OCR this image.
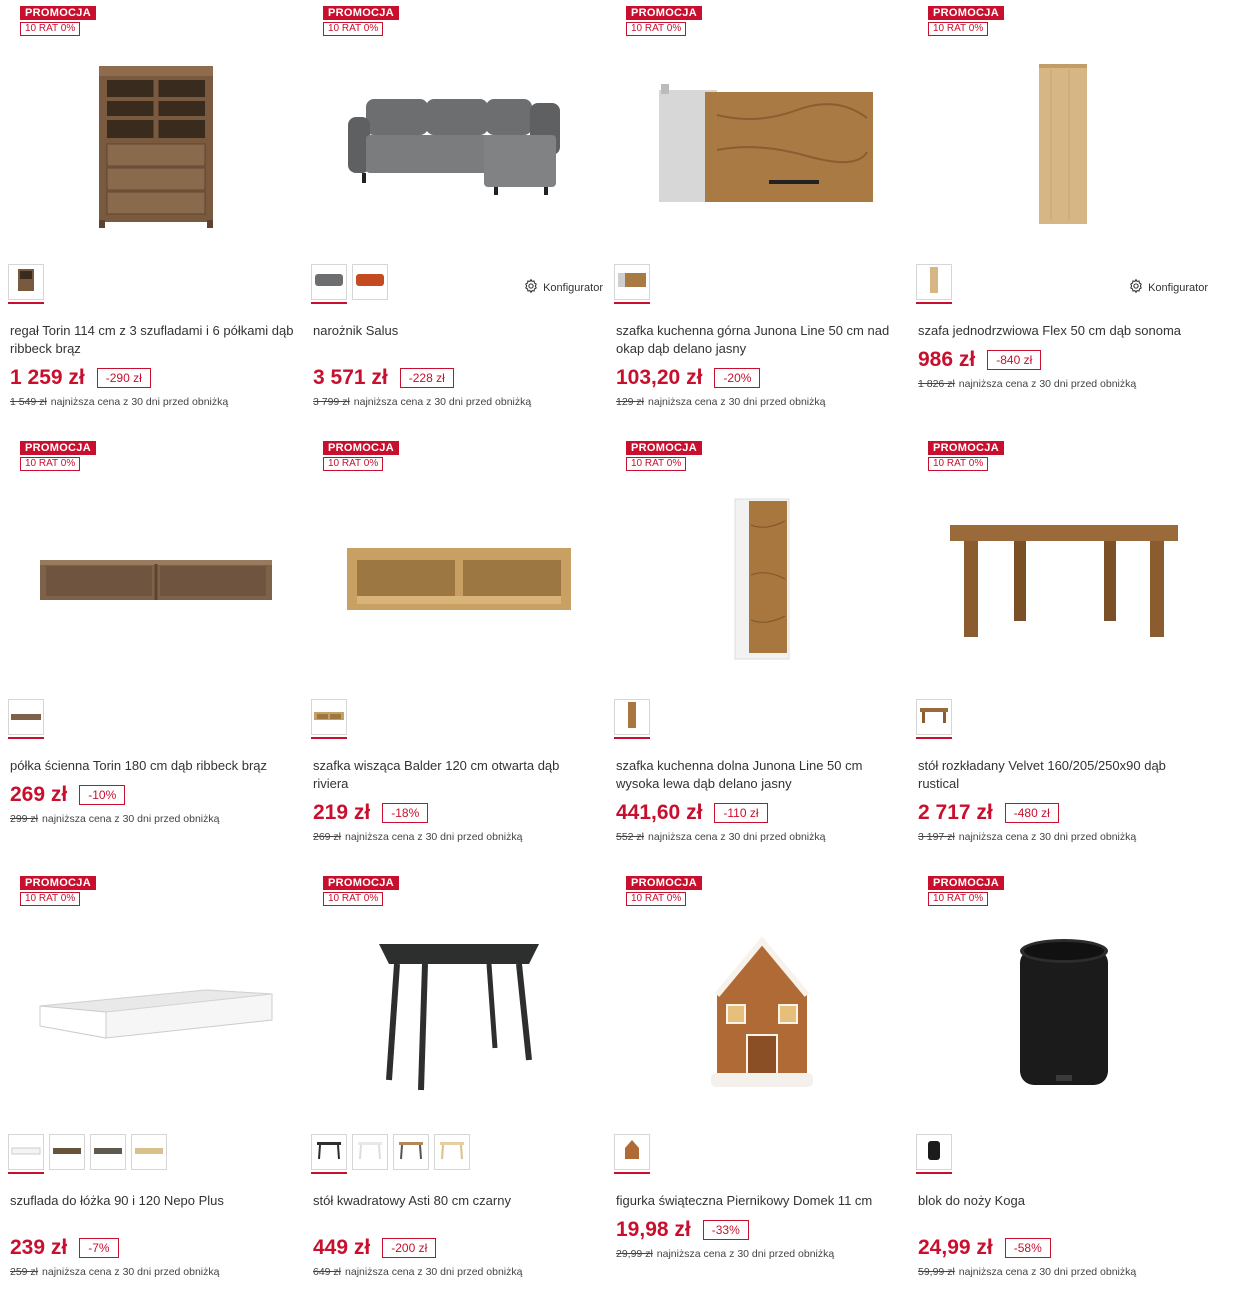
PROMOCJA
10 RAT 0%
regał Torin 114 cm z 3 szufladami i 6 półkami dąb ribbeck brąz
1 259 zł	-290 zł
1 549 zł najniższa cena z 30 dni przed obniżką
PROMOCJA
10 RAT 0%
Konfigurator
narożnik Salus
3 571 zł	-228 zł
3 799 zł najniższa cena z 30 dni przed obniżką
PROMOCJA
10 RAT 0%
szafka kuchenna górna Junona Line 50 cm nad okap dąb delano jasny
103,20 zł	-20%
129 zł najniższa cena z 30 dni przed obniżką
PROMOCJA
10 RAT 0%
Konfigurator
szafa jednodrzwiowa Flex 50 cm dąb sonoma
986 zł	-840 zł
1 826 zł najniższa cena z 30 dni przed obniżką
PROMOCJA
10 RAT 0%
półka ścienna Torin 180 cm dąb ribbeck brąz
269 zł	-10%
299 zł najniższa cena z 30 dni przed obniżką
PROMOCJA
10 RAT 0%
szafka wisząca Balder 120 cm otwarta dąb riviera
219 zł	-18%
269 zł najniższa cena z 30 dni przed obniżką
PROMOCJA
10 RAT 0%
szafka kuchenna dolna Junona Line 50 cm wysoka lewa dąb delano jasny
441,60 zł	-110 zł
552 zł najniższa cena z 30 dni przed obniżką
PROMOCJA
10 RAT 0%
stół rozkładany Velvet 160/205/250x90 dąb rustical
2 717 zł	-480 zł
3 197 zł najniższa cena z 30 dni przed obniżką
PROMOCJA
10 RAT 0%
szuflada do łóżka 90 i 120 Nepo Plus
239 zł	-7%
259 zł najniższa cena z 30 dni przed obniżką
PROMOCJA
10 RAT 0%
stół kwadratowy Asti 80 cm czarny
449 zł	-200 zł
649 zł najniższa cena z 30 dni przed obniżką
PROMOCJA
10 RAT 0%
figurka świąteczna Piernikowy Domek 11 cm
19,98 zł	-33%
29,99 zł najniższa cena z 30 dni przed obniżką
PROMOCJA
10 RAT 0%
blok do noży Koga
24,99 zł	-58%
59,99 zł najniższa cena z 30 dni przed obniżką
